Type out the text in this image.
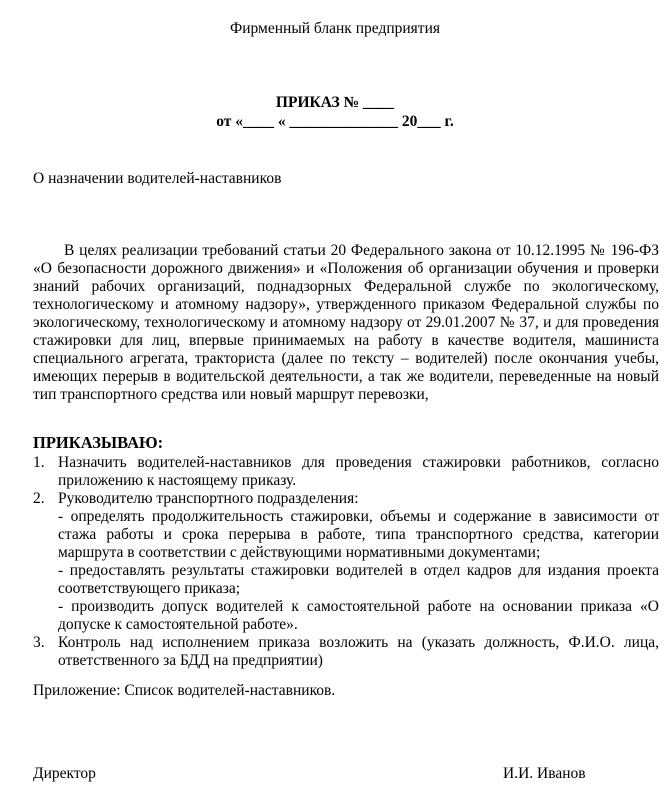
Фирменный бланк предприятия
ПРИКАЗ № ____
от «____ « ______________ 20___ г.
О назначении водителей-наставников
В целях реализации требований статьи 20 Федерального закона от 10.12.1995 № 196-ФЗ «О безопасности дорожного движения» и «Положения об организации обучения и проверки знаний рабочих организаций, поднадзорных Федеральной службе по экологическому, технологическому и атомному надзору», утвержденного приказом Федеральной службы по экологическому, технологическому и атомному надзору от 29.01.2007 № 37, и для проведения стажировки для лиц, впервые принимаемых на работу в качестве водителя, машиниста специального агрегата, тракториста (далее по тексту – водителей) после окончания учебы, имеющих перерыв в водительской деятельности, а так же водители, переведенные на новый тип транспортного средства или новый маршрут перевозки,
ПРИКАЗЫВАЮ:
1. Назначить водителей-наставников для проведения стажировки работников, согласно приложению к настоящему приказу.
2. Руководителю транспортного подразделения:
- определять продолжительность стажировки, объемы и содержание в зависимости от стажа работы и срока перерыва в работе, типа транспортного средства, категории маршрута в соответствии с действующими нормативными документами;
- предоставлять результаты стажировки водителей в отдел кадров для издания проекта соответствующего приказа;
- производить допуск водителей к самостоятельной работе на основании приказа «О допуске к самостоятельной работе».
3. Контроль над исполнением приказа возложить на (указать должность, Ф.И.О. лица, ответственного за БДД на предприятии)
Приложение: Список водителей-наставников.
Директор	И.И. Иванов
